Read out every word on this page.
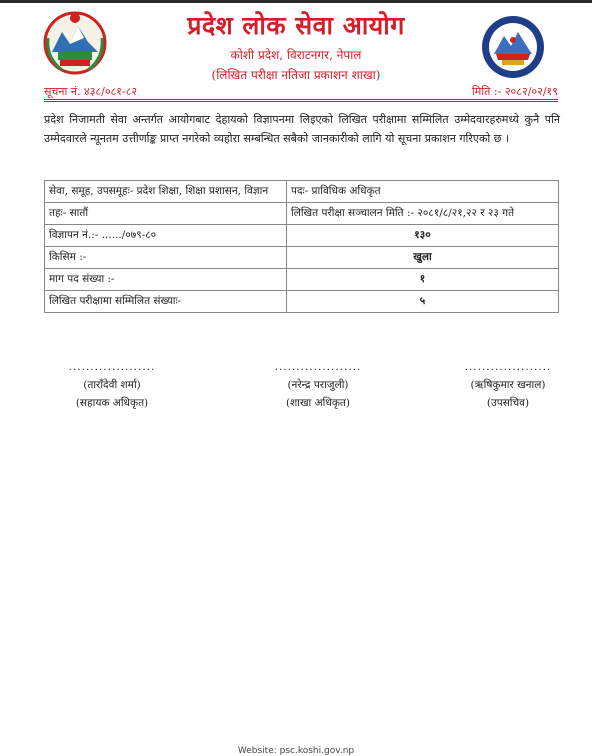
प्रदेश लोक सेवा आयोग
कोशी प्रदेश, विराटनगर, नेपाल
(लिखित परीक्षा नतिजा प्रकाशन शाखा)
सूचना नं. ४३८/०८१-८२	मिति :- २०८२/०२/१९
प्रदेश निजामती सेवा अन्तर्गत आयोगबाट देहायको विज्ञापनमा लिइएको लिखित परीक्षामा सम्मिलित उम्मेदवारहरुमध्ये कुनै पनि उम्मेदवारले न्यूनतम उत्तीर्णाङ्क प्राप्त नगरेको व्यहोरा सम्बन्धित सबैको जानकारीको लागि यो सूचना प्रकाशन गरिएको छ ।
सेवा, समूह, उपसमूहः- प्रदेश शिक्षा, शिक्षा प्रशासन, विज्ञान	पदः- प्राविधिक अधिकृत
तहः- सातौं	लिखित परीक्षा सञ्चालन मिति :- २०८१/८/२१,२२ र २३ गते
विज्ञापन नं.:- ....../०७९-८०	१३०
किसिम :-	खुला
माग पद संख्या :-	१
लिखित परीक्षामा सम्मिलित संख्याः-	५
....................
(ताराँदेवी शर्मा)
(सहायक अधिकृत)
....................
(नरेन्द्र पराजुली)
(शाखा अधिकृत)
....................
(ऋषिकुमार खनाल)
(उपसचिव)
Website: psc.koshi.gov.np
